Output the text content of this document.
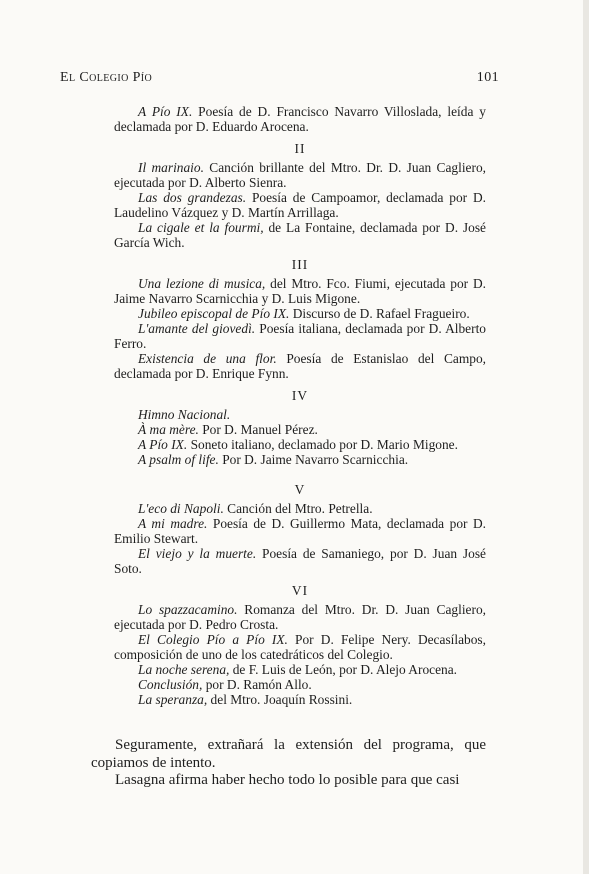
El Colegio Pío	101

A Pío IX. Poesía de D. Francisco Navarro Villoslada, leída y declamada por D. Eduardo Arocena.

II

Il marinaio. Canción brillante del Mtro. Dr. D. Juan Cagliero, ejecutada por D. Alberto Sienra.

Las dos grandezas. Poesía de Campoamor, declamada por D. Laudelino Vázquez y D. Martín Arrillaga.

La cigale et la fourmi, de La Fontaine, declamada por D. José García Wich.

III

Una lezione di musica, del Mtro. Fco. Fiumi, ejecutada por D. Jaime Navarro Scarnicchia y D. Luis Migone.

Jubileo episcopal de Pío IX. Discurso de D. Rafael Fragueiro.

L'amante del giovedì. Poesía italiana, declamada por D. Alberto Ferro.

Existencia de una flor. Poesía de Estanislao del Campo, declamada por D. Enrique Fynn.

IV

Himno Nacional.

À ma mère. Por D. Manuel Pérez.

A Pío IX. Soneto italiano, declamado por D. Mario Migone.

A psalm of life. Por D. Jaime Navarro Scarnicchia.

V

L'eco di Napoli. Canción del Mtro. Petrella.

A mi madre. Poesía de D. Guillermo Mata, declamada por D. Emilio Stewart.

El viejo y la muerte. Poesía de Samaniego, por D. Juan José Soto.

VI

Lo spazzacamino. Romanza del Mtro. Dr. D. Juan Cagliero, ejecutada por D. Pedro Crosta.

El Colegio Pío a Pío IX. Por D. Felipe Nery. Decasílabos, composición de uno de los catedráticos del Colegio.

La noche serena, de F. Luis de León, por D. Alejo Arocena.

Conclusión, por D. Ramón Allo.

La speranza, del Mtro. Joaquín Rossini.

Seguramente, extrañará la extensión del programa, que copiamos de intento.

Lasagna afirma haber hecho todo lo posible para que casi
